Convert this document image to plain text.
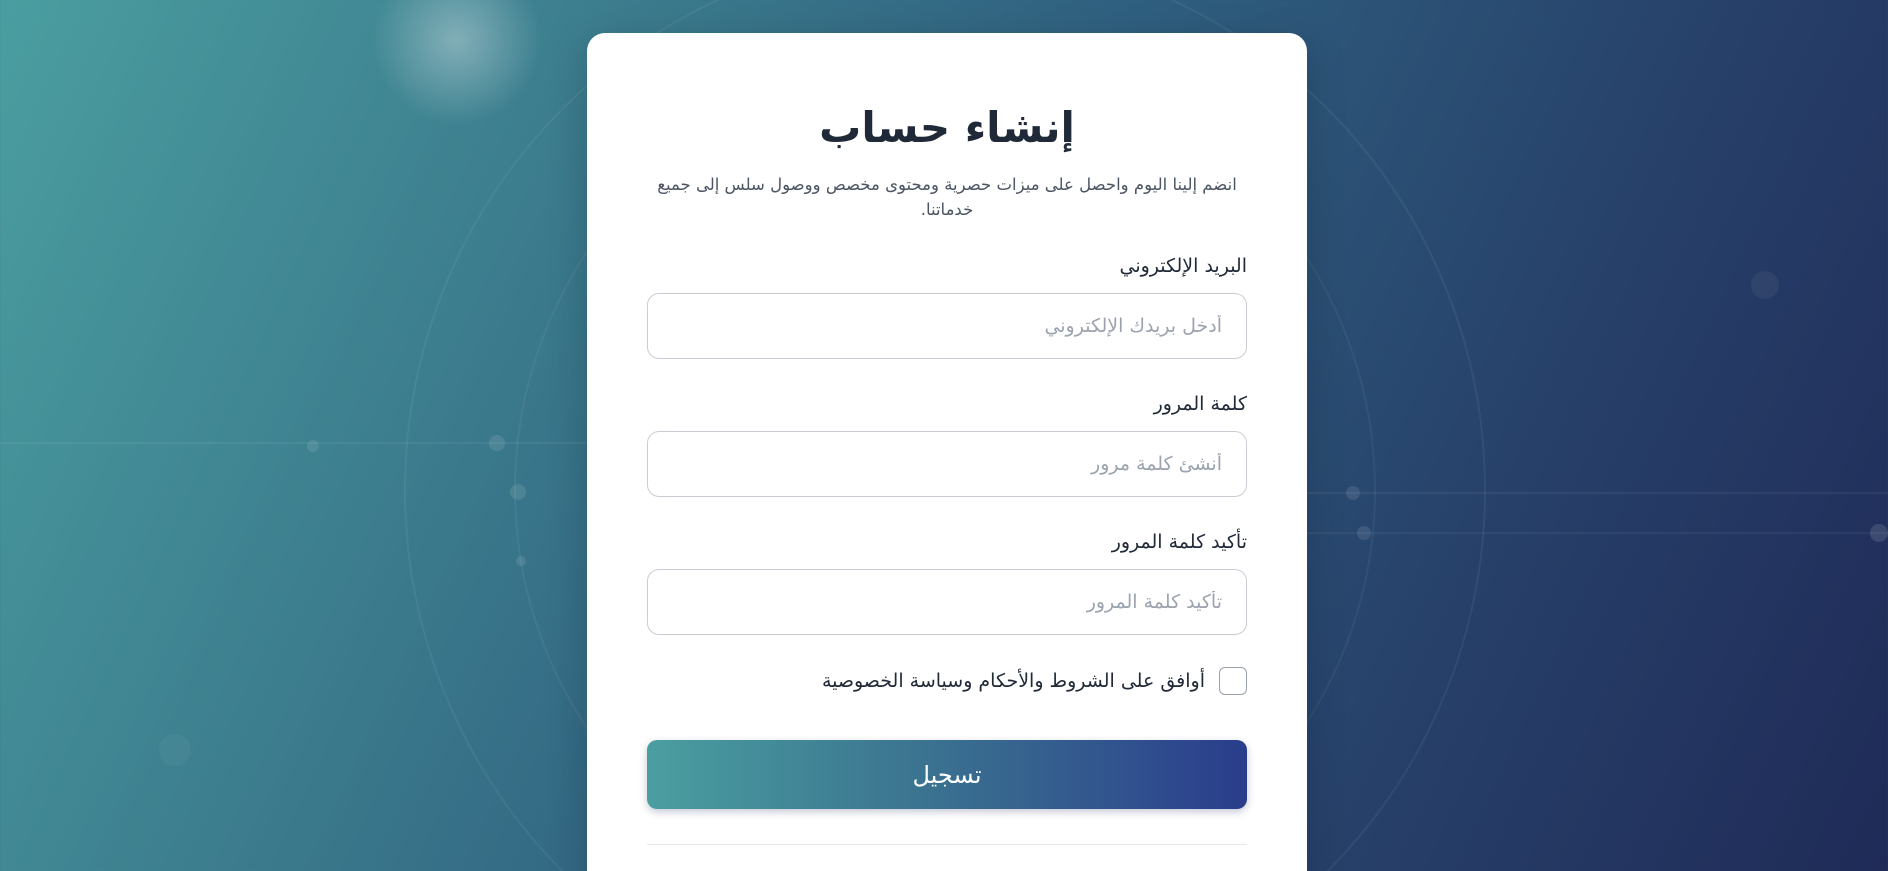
إنشاء حساب

انضم إلينا اليوم واحصل على ميزات حصرية ومحتوى مخصص ووصول سلس إلى جميع خدماتنا.

البريد الإلكتروني
أدخل بريدك الإلكتروني
كلمة المرور
تأكيد كلمة المرور
أوافق على الشروط والأحكام وسياسة الخصوصية
تسجيل
